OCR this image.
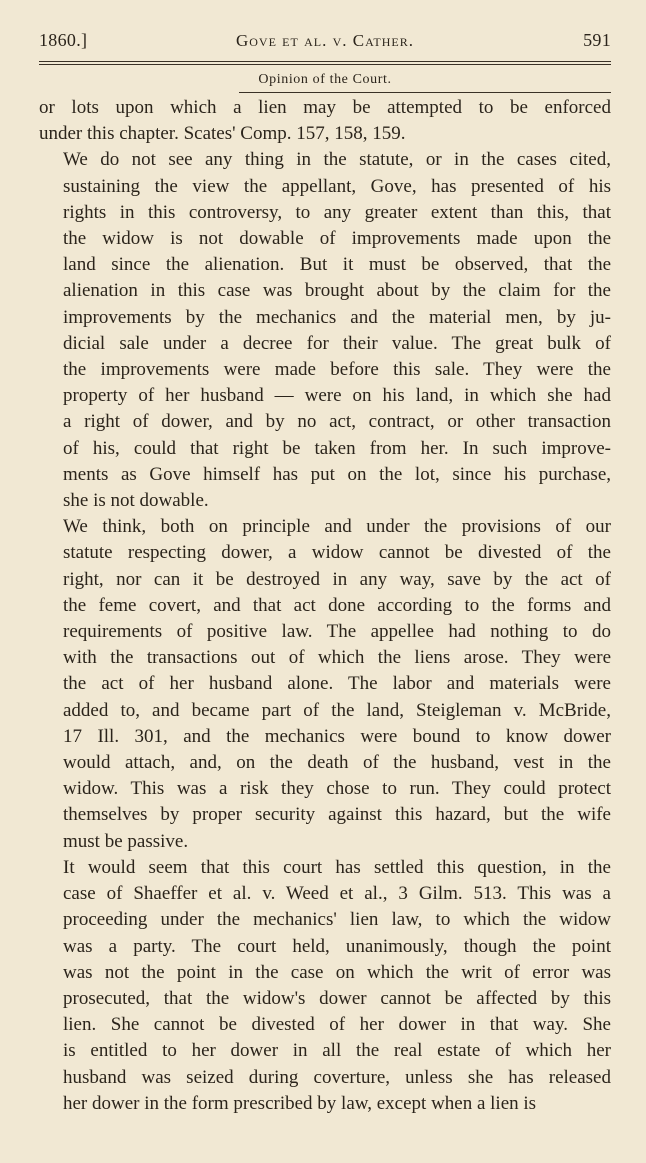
1860.]	Gove et al. v. Cather.	591
Opinion of the Court.
or lots upon which a lien may be attempted to be enforced
under this chapter. Scates' Comp. 157, 158, 159.
We do not see any thing in the statute, or in the cases cited,
sustaining the view the appellant, Gove, has presented of his
rights in this controversy, to any greater extent than this, that
the widow is not dowable of improvements made upon the
land since the alienation. But it must be observed, that the
alienation in this case was brought about by the claim for the
improvements by the mechanics and the material men, by ju-
dicial sale under a decree for their value. The great bulk of
the improvements were made before this sale. They were the
property of her husband — were on his land, in which she had
a right of dower, and by no act, contract, or other transaction
of his, could that right be taken from her. In such improve-
ments as Gove himself has put on the lot, since his purchase,
she is not dowable.
We think, both on principle and under the provisions of our
statute respecting dower, a widow cannot be divested of the
right, nor can it be destroyed in any way, save by the act of
the feme covert, and that act done according to the forms and
requirements of positive law. The appellee had nothing to do
with the transactions out of which the liens arose. They were
the act of her husband alone. The labor and materials were
added to, and became part of the land, Steigleman v. McBride,
17 Ill. 301, and the mechanics were bound to know dower
would attach, and, on the death of the husband, vest in the
widow. This was a risk they chose to run. They could protect
themselves by proper security against this hazard, but the wife
must be passive.
It would seem that this court has settled this question, in the
case of Shaeffer et al. v. Weed et al., 3 Gilm. 513. This was a
proceeding under the mechanics' lien law, to which the widow
was a party. The court held, unanimously, though the point
was not the point in the case on which the writ of error was
prosecuted, that the widow's dower cannot be affected by this
lien. She cannot be divested of her dower in that way. She
is entitled to her dower in all the real estate of which her
husband was seized during coverture, unless she has released
her dower in the form prescribed by law, except when a lien is
